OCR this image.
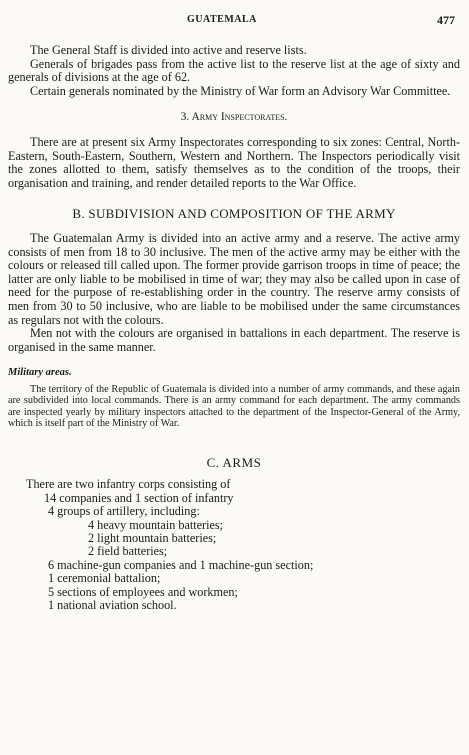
GUATEMALA	477

The General Staff is divided into active and reserve lists.

Generals of brigades pass from the active list to the reserve list at the age of sixty and generals of divisions at the age of 62.

Certain generals nominated by the Ministry of War form an Advisory War Committee.

3. Army Inspectorates.

There are at present six Army Inspectorates corresponding to six zones: Central, North-Eastern, South-Eastern, Southern, Western and Northern. The Inspectors periodically visit the zones allotted to them, satisfy themselves as to the condition of the troops, their organisation and training, and render detailed reports to the War Office.

B. SUBDIVISION AND COMPOSITION OF THE ARMY

The Guatemalan Army is divided into an active army and a reserve. The active army consists of men from 18 to 30 inclusive. The men of the active army may be either with the colours or released till called upon. The former provide garrison troops in time of peace; the latter are only liable to be mobilised in time of war; they may also be called upon in case of need for the purpose of re-establishing order in the country. The reserve army consists of men from 30 to 50 inclusive, who are liable to be mobilised under the same circumstances as regulars not with the colours.

Men not with the colours are organised in battalions in each department. The reserve is organised in the same manner.

Military areas.

The territory of the Republic of Guatemala is divided into a number of army commands, and these again are subdivided into local commands. There is an army command for each department. The army commands are inspected yearly by military inspectors attached to the department of the Inspector-General of the Army, which is itself part of the Ministry of War.

C. ARMS

There are two infantry corps consisting of

14 companies and 1 section of infantry
4 groups of artillery, including:
4 heavy mountain batteries;
2 light mountain batteries;
2 field batteries;
6 machine-gun companies and 1 machine-gun section;
1 ceremonial battalion;
5 sections of employees and workmen;
1 national aviation school.
